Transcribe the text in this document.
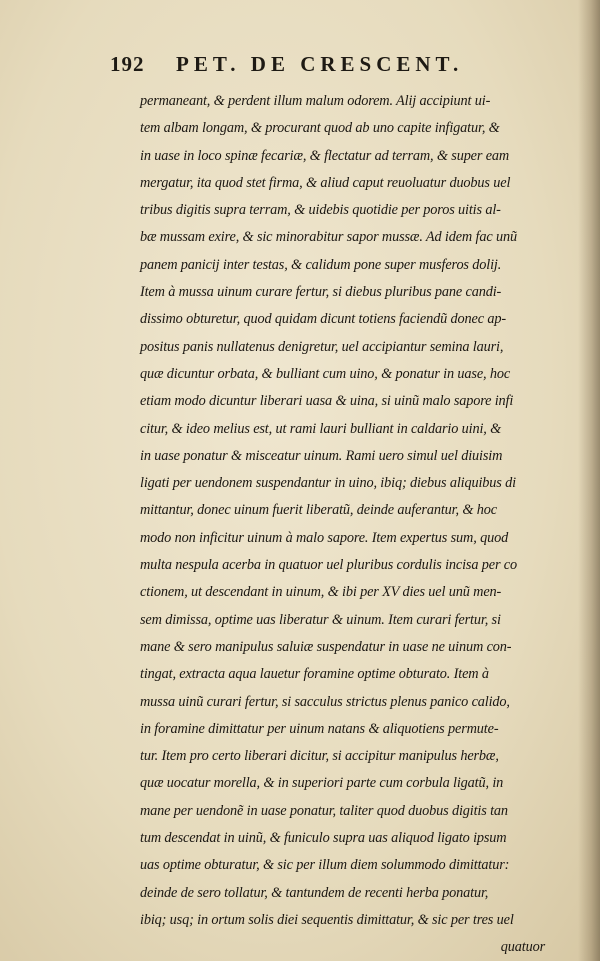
192 PET. DE CRESCENT.
permaneant, & perdent illum malum odorem. Alij accipiunt ui-
tem albam longam, & procurant quod ab uno capite infigatur, &
in uase in loco spinæ fecariæ, & flectatur ad terram, & super eam
mergatur, ita quod stet firma, & aliud caput reuoluatur duobus uel
tribus digitis supra terram, & uidebis quotidie per poros uitis al-
bæ mussam exire, & sic minorabitur sapor mussæ. Ad idem fac unũ
panem panicij inter testas, & calidum pone super musferos dolij.
Item à mussa uinum curare fertur, si diebus pluribus pane candi-
dissimo obturetur, quod quidam dicunt totiens faciendũ donec ap-
positus panis nullatenus denigretur, uel accipiantur semina lauri,
quæ dicuntur orbata, & bulliant cum uino, & ponatur in uase, hoc
etiam modo dicuntur liberari uasa & uina, si uinũ malo sapore infi
citur, & ideo melius est, ut rami lauri bulliant in caldario uini, &
in uase ponatur & misceatur uinum. Rami uero simul uel diuisim
ligati per uendonem suspendantur in uino, ibiq; diebus aliquibus di
mittantur, donec uinum fuerit liberatũ, deinde auferantur, & hoc
modo non inficitur uinum à malo sapore. Item expertus sum, quod
multa nespula acerba in quatuor uel pluribus cordulis incisa per co
ctionem, ut descendant in uinum, & ibi per XV dies uel unũ men-
sem dimissa, optime uas liberatur & uinum. Item curari fertur, si
mane & sero manipulus saluiæ suspendatur in uase ne uinum con-
tingat, extracta aqua lauetur foramine optime obturato. Item à
mussa uinũ curari fertur, si sacculus strictus plenus panico calido,
in foramine dimittatur per uinum natans & aliquotiens permute-
tur. Item pro certo liberari dicitur, si accipitur manipulus herbæ,
quæ uocatur morella, & in superiori parte cum corbula ligatũ, in
mane per uendonẽ in uase ponatur, taliter quod duobus digitis tan
tum descendat in uinũ, & funiculo supra uas aliquod ligato ipsum
uas optime obturatur, & sic per illum diem solummodo dimittatur:
deinde de sero tollatur, & tantundem de recenti herba ponatur,
ibiq; usq; in ortum solis diei sequentis dimittatur, & sic per tres uel
quatuor
